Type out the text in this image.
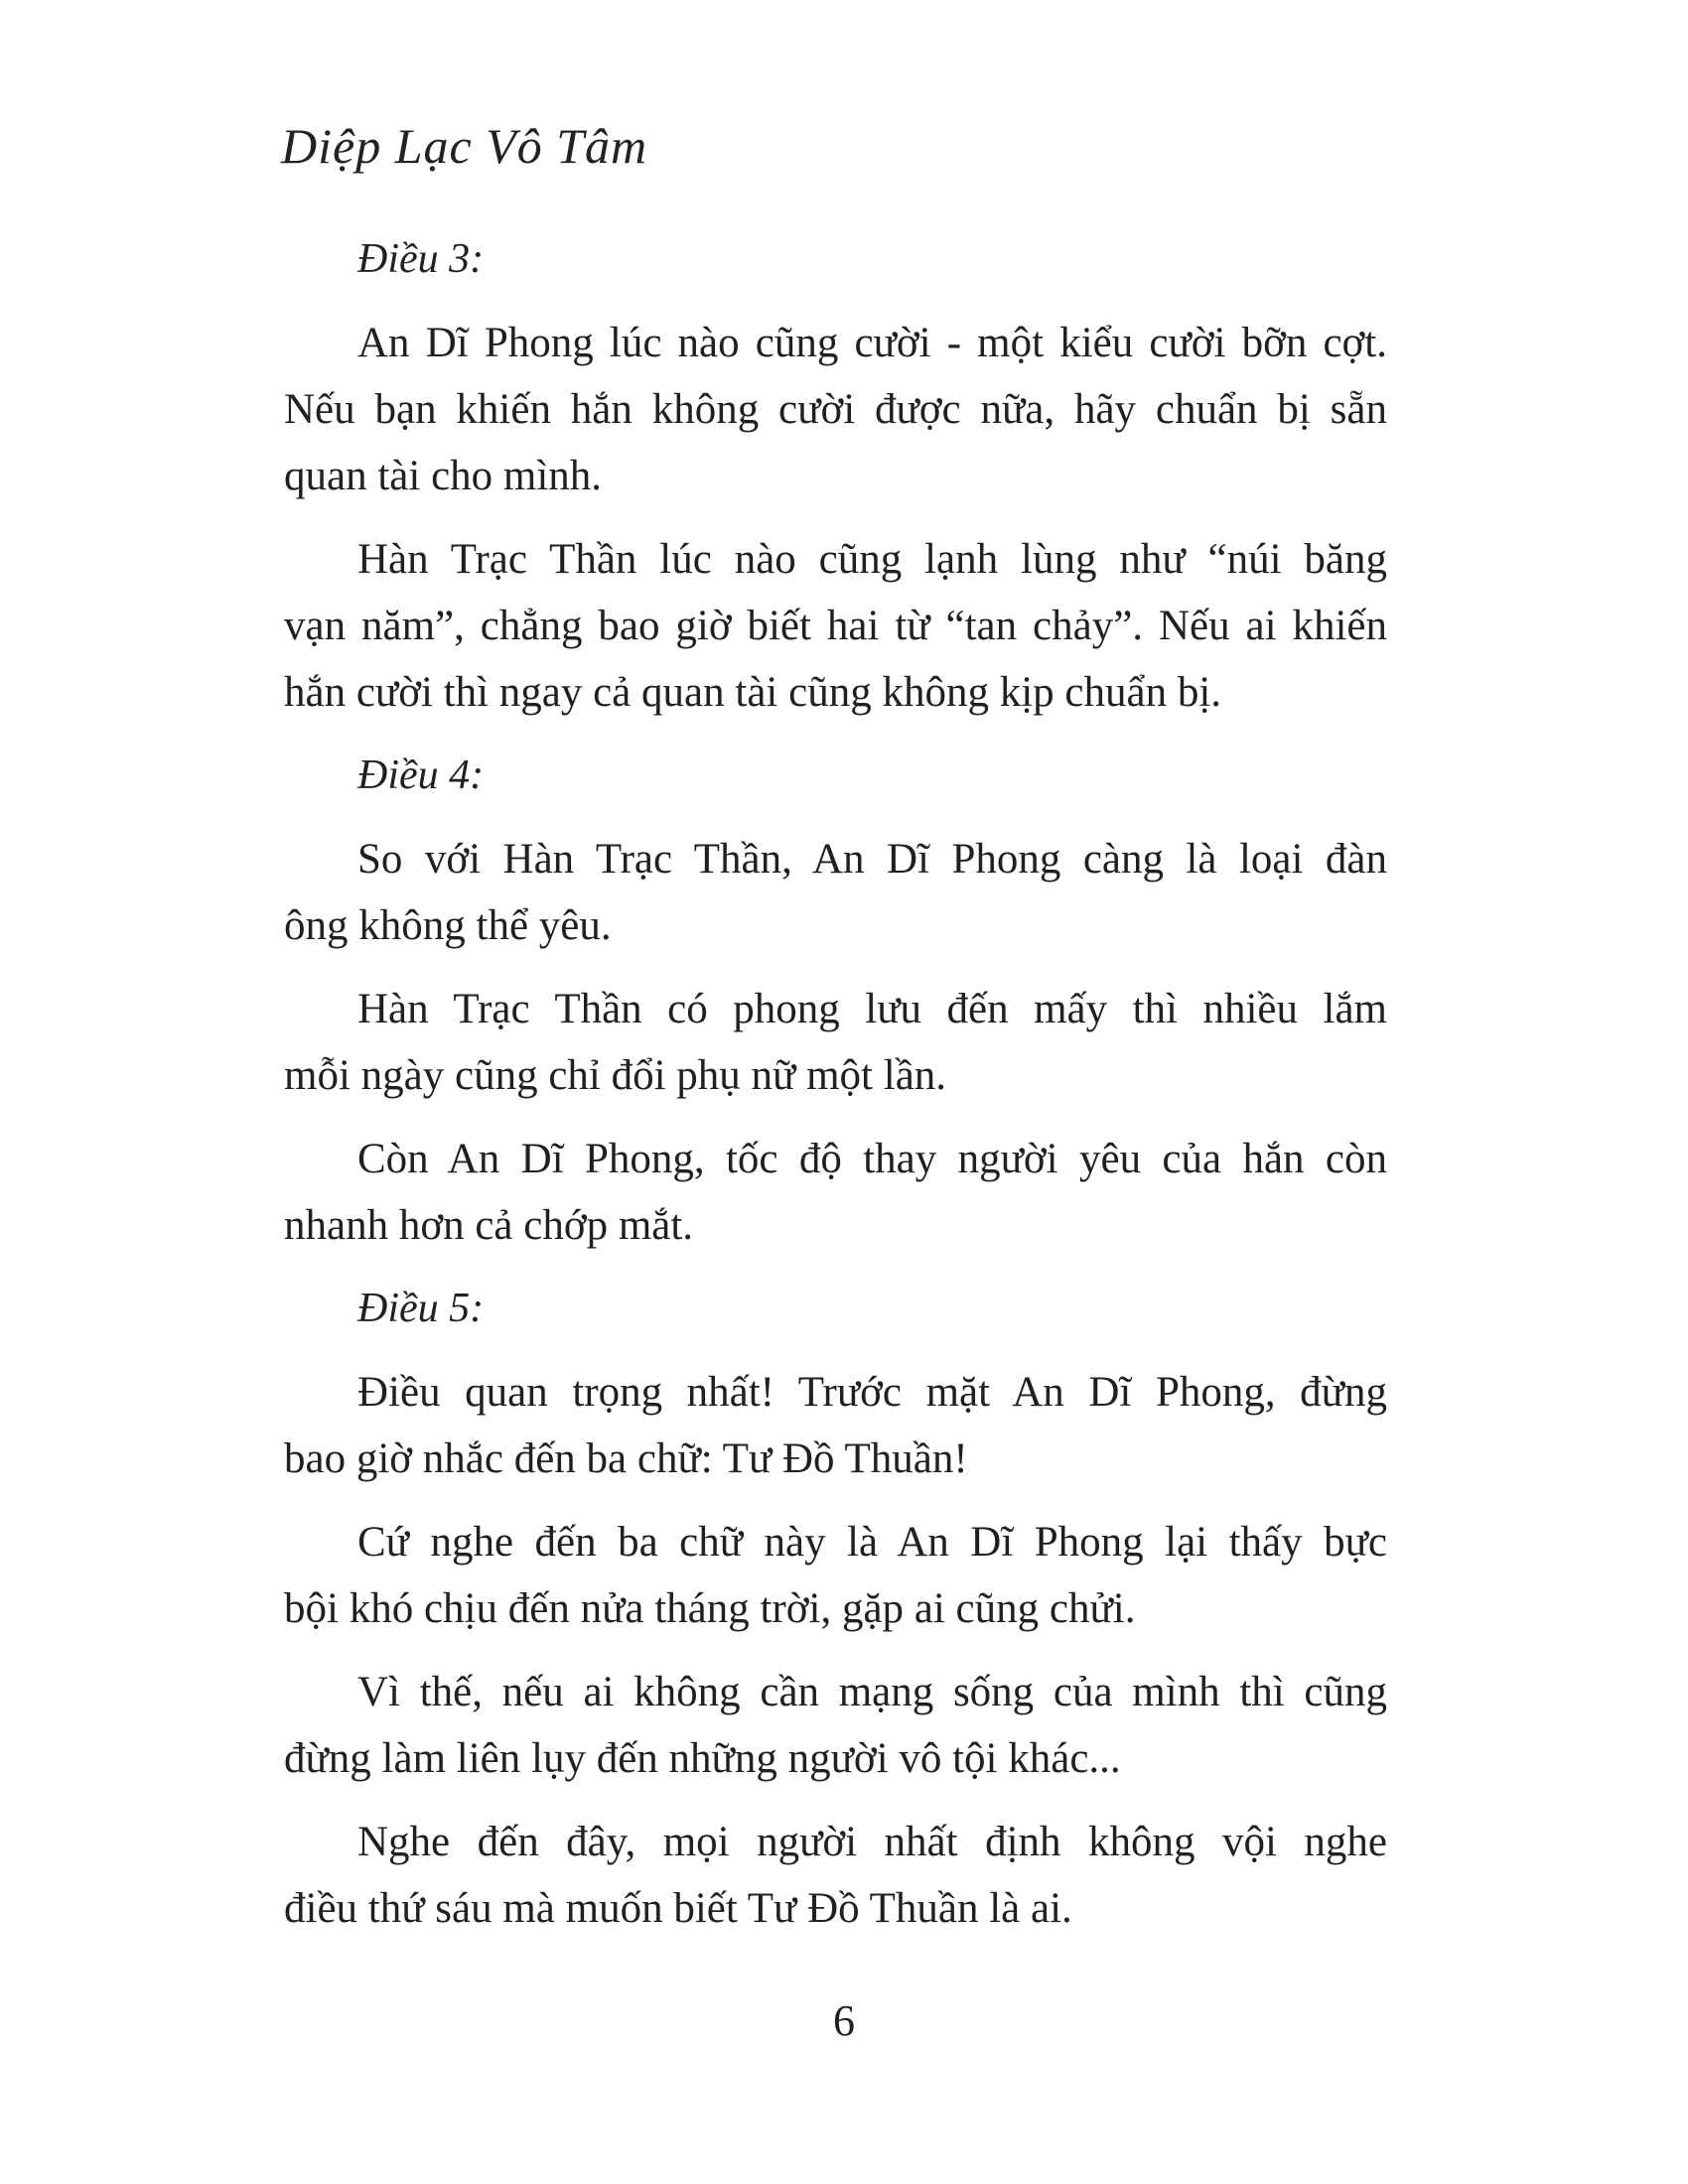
Diệp Lạc Vô Tâm
Điều 3:
An Dĩ Phong lúc nào cũng cười - một kiểu cười bỡn cợt.
Nếu bạn khiến hắn không cười được nữa, hãy chuẩn bị sẵn
quan tài cho mình.
Hàn Trạc Thần lúc nào cũng lạnh lùng như “núi băng
vạn năm”, chẳng bao giờ biết hai từ “tan chảy”. Nếu ai khiến
hắn cười thì ngay cả quan tài cũng không kịp chuẩn bị.
Điều 4:
So với Hàn Trạc Thần, An Dĩ Phong càng là loại đàn
ông không thể yêu.
Hàn Trạc Thần có phong lưu đến mấy thì nhiều lắm
mỗi ngày cũng chỉ đổi phụ nữ một lần.
Còn An Dĩ Phong, tốc độ thay người yêu của hắn còn
nhanh hơn cả chớp mắt.
Điều 5:
Điều quan trọng nhất! Trước mặt An Dĩ Phong, đừng
bao giờ nhắc đến ba chữ: Tư Đồ Thuần!
Cứ nghe đến ba chữ này là An Dĩ Phong lại thấy bực
bội khó chịu đến nửa tháng trời, gặp ai cũng chửi.
Vì thế, nếu ai không cần mạng sống của mình thì cũng
đừng làm liên lụy đến những người vô tội khác...
Nghe đến đây, mọi người nhất định không vội nghe
điều thứ sáu mà muốn biết Tư Đồ Thuần là ai.
6
